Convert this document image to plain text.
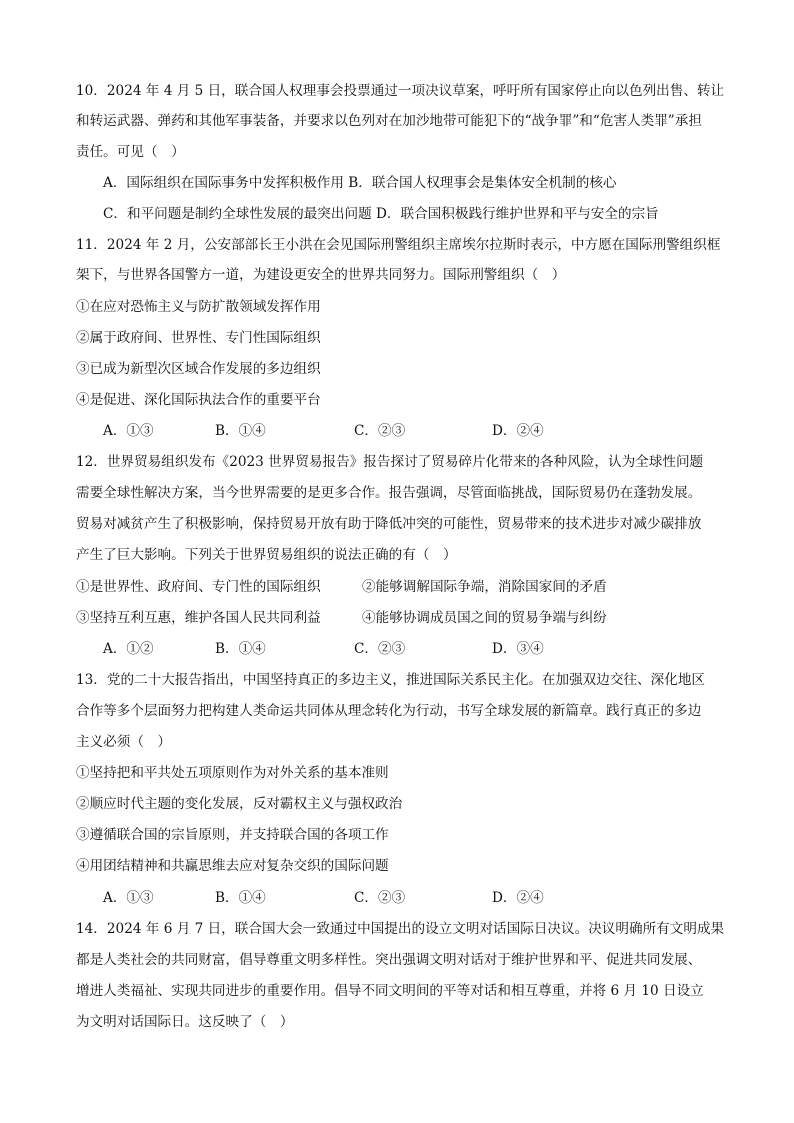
10．2024 年 4 月 5 日，联合国人权理事会投票通过一项决议草案，呼吁所有国家停止向以色列出售、转让
和转运武器、弹药和其他军事装备，并要求以色列对在加沙地带可能犯下的“战争罪”和“危害人类罪”承担
责任。可见（　）
A．国际组织在国际事务中发挥积极作用 B．联合国人权理事会是集体安全机制的核心
C．和平问题是制约全球性发展的最突出问题 D．联合国积极践行维护世界和平与安全的宗旨
11．2024 年 2 月，公安部部长王小洪在会见国际刑警组织主席埃尔拉斯时表示，中方愿在国际刑警组织框
架下，与世界各国警方一道，为建设更安全的世界共同努力。国际刑警组织（　）
①在应对恐怖主义与防扩散领域发挥作用
②属于政府间、世界性、专门性国际组织
③已成为新型次区域合作发展的多边组织
④是促进、深化国际执法合作的重要平台
A．①③	B．①④	C．②③	D．②④
12．世界贸易组织发布《2023 世界贸易报告》报告探讨了贸易碎片化带来的各种风险，认为全球性问题
需要全球性解决方案，当今世界需要的是更多合作。报告强调，尽管面临挑战，国际贸易仍在蓬勃发展。
贸易对减贫产生了积极影响，保持贸易开放有助于降低冲突的可能性，贸易带来的技术进步对减少碳排放
产生了巨大影响。下列关于世界贸易组织的说法正确的有（　）
①是世界性、政府间、专门性的国际组织	②能够调解国际争端，消除国家间的矛盾
③坚持互利互惠，维护各国人民共同利益	④能够协调成员国之间的贸易争端与纠纷
A．①②	B．①④	C．②③	D．③④
13．党的二十大报告指出，中国坚持真正的多边主义，推进国际关系民主化。在加强双边交往、深化地区
合作等多个层面努力把构建人类命运共同体从理念转化为行动，书写全球发展的新篇章。践行真正的多边
主义必须（　）
①坚持把和平共处五项原则作为对外关系的基本准则
②顺应时代主题的变化发展，反对霸权主义与强权政治
③遵循联合国的宗旨原则，并支持联合国的各项工作
④用团结精神和共赢思维去应对复杂交织的国际问题
A．①③	B．①④	C．②③	D．②④
14．2024 年 6 月 7 日，联合国大会一致通过中国提出的设立文明对话国际日决议。决议明确所有文明成果
都是人类社会的共同财富，倡导尊重文明多样性。突出强调文明对话对于维护世界和平、促进共同发展、
增进人类福祉、实现共同进步的重要作用。倡导不同文明间的平等对话和相互尊重，并将 6 月 10 日设立
为文明对话国际日。这反映了（　）
